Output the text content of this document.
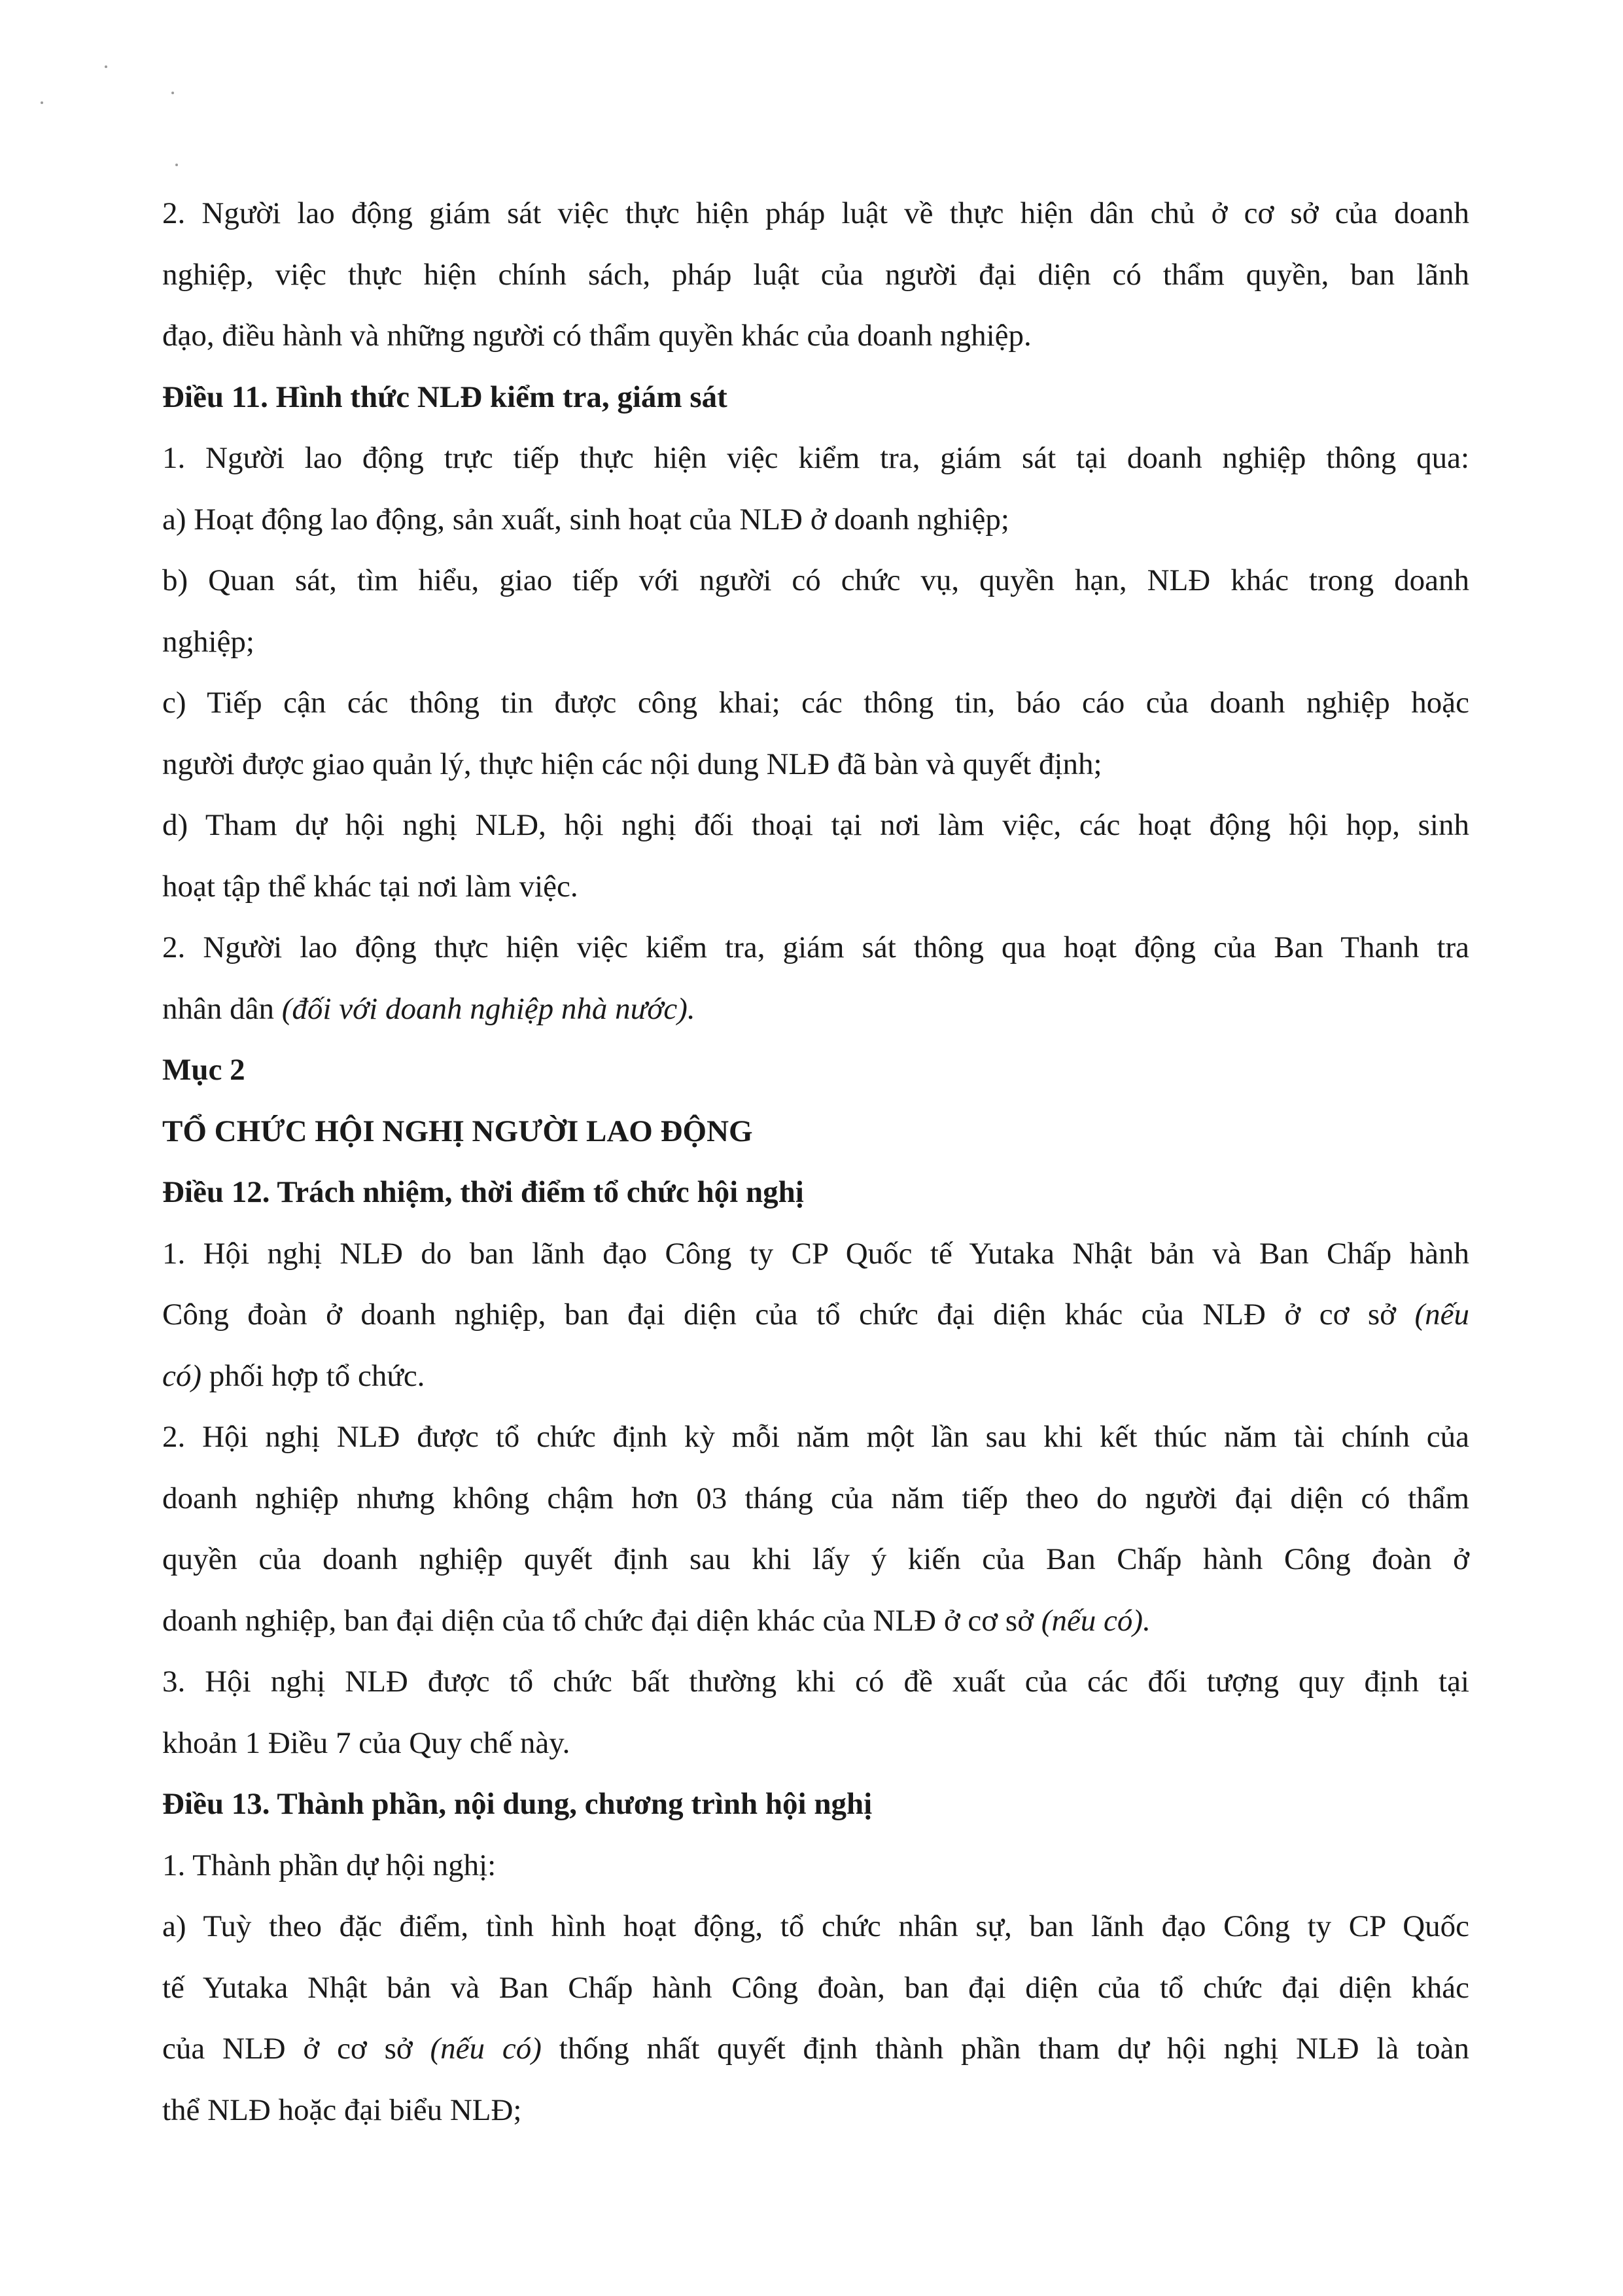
2. Người lao động giám sát việc thực hiện pháp luật về thực hiện dân chủ ở cơ sở của doanh
nghiệp, việc thực hiện chính sách, pháp luật của người đại diện có thẩm quyền, ban lãnh
đạo, điều hành và những người có thẩm quyền khác của doanh nghiệp.
Điều 11. Hình thức NLĐ kiểm tra, giám sát
1. Người lao động trực tiếp thực hiện việc kiểm tra, giám sát tại doanh nghiệp thông qua:
a) Hoạt động lao động, sản xuất, sinh hoạt của NLĐ ở doanh nghiệp;
b) Quan sát, tìm hiểu, giao tiếp với người có chức vụ, quyền hạn, NLĐ khác trong doanh
nghiệp;
c) Tiếp cận các thông tin được công khai; các thông tin, báo cáo của doanh nghiệp hoặc
người được giao quản lý, thực hiện các nội dung NLĐ đã bàn và quyết định;
d) Tham dự hội nghị NLĐ, hội nghị đối thoại tại nơi làm việc, các hoạt động hội họp, sinh
hoạt tập thể khác tại nơi làm việc.
2. Người lao động thực hiện việc kiểm tra, giám sát thông qua hoạt động của Ban Thanh tra
nhân dân (đối với doanh nghiệp nhà nước).
Mục 2
TỔ CHỨC HỘI NGHỊ NGƯỜI LAO ĐỘNG
Điều 12. Trách nhiệm, thời điểm tổ chức hội nghị
1. Hội nghị NLĐ do ban lãnh đạo Công ty CP Quốc tế Yutaka Nhật bản và Ban Chấp hành
Công đoàn ở doanh nghiệp, ban đại diện của tổ chức đại diện khác của NLĐ ở cơ sở (nếu
có) phối hợp tổ chức.
2. Hội nghị NLĐ được tổ chức định kỳ mỗi năm một lần sau khi kết thúc năm tài chính của
doanh nghiệp nhưng không chậm hơn 03 tháng của năm tiếp theo do người đại diện có thẩm
quyền của doanh nghiệp quyết định sau khi lấy ý kiến của Ban Chấp hành Công đoàn ở
doanh nghiệp, ban đại diện của tổ chức đại diện khác của NLĐ ở cơ sở (nếu có).
3. Hội nghị NLĐ được tổ chức bất thường khi có đề xuất của các đối tượng quy định tại
khoản 1 Điều 7 của Quy chế này.
Điều 13. Thành phần, nội dung, chương trình hội nghị
1. Thành phần dự hội nghị:
a) Tuỳ theo đặc điểm, tình hình hoạt động, tổ chức nhân sự, ban lãnh đạo Công ty CP Quốc
tế Yutaka Nhật bản và Ban Chấp hành Công đoàn, ban đại diện của tổ chức đại diện khác
của NLĐ ở cơ sở (nếu có) thống nhất quyết định thành phần tham dự hội nghị NLĐ là toàn
thể NLĐ hoặc đại biểu NLĐ;
